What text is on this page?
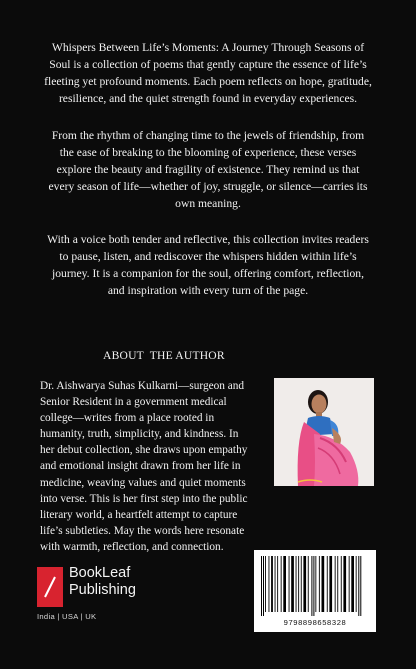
Whispers Between Life’s Moments: A Journey Through Seasons of
Soul is a collection of poems that gently capture the essence of life’s
fleeting yet profound moments. Each poem reflects on hope, gratitude,
resilience, and the quiet strength found in everyday experiences.

From the rhythm of changing time to the jewels of friendship, from
the ease of breaking to the blooming of experience, these verses
explore the beauty and fragility of existence. They remind us that
every season of life—whether of joy, struggle, or silence—carries its
own meaning.

With a voice both tender and reflective, this collection invites readers
to pause, listen, and rediscover the whispers hidden within life’s
journey. It is a companion for the soul, offering comfort, reflection,
and inspiration with every turn of the page.

ABOUT  THE AUTHOR

Dr. Aishwarya Suhas Kulkarni—surgeon and
Senior Resident in a government medical
college—writes from a place rooted in
humanity, truth, simplicity, and kindness. In
her debut collection, she draws upon empathy
and emotional insight drawn from her life in
medicine, weaving values and quiet moments
into verse. This is her first step into the public
literary world, a heartfelt attempt to capture
life’s subtleties. May the words here resonate
with warmth, reflection, and connection.

BookLeaf
Publishing
India | USA | UK
9798898658328
